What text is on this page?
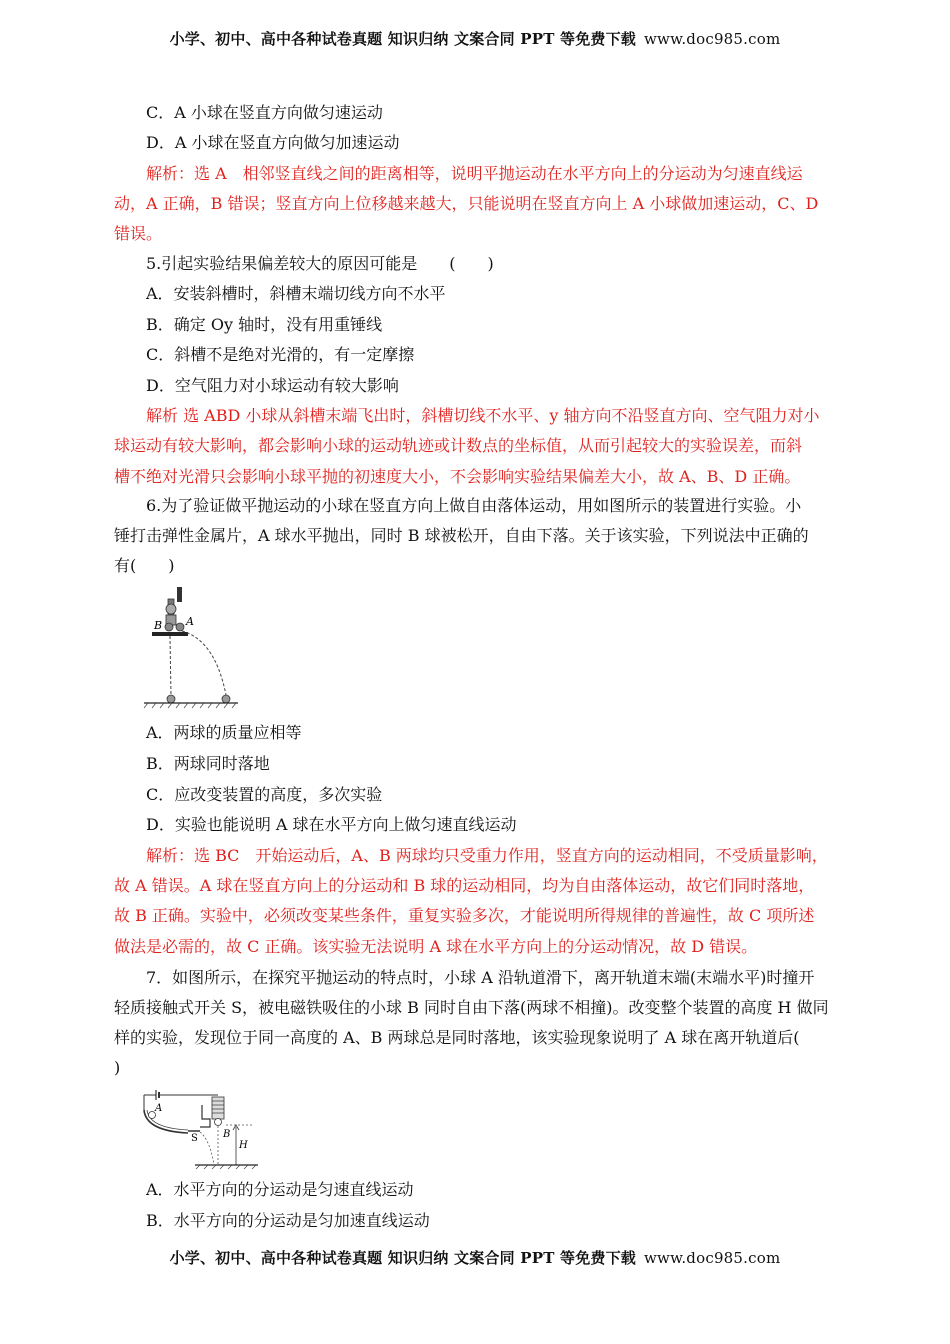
小学、初中、高中各种试卷真题 知识归纳 文案合同 PPT 等免费下载 www.doc985.com
C．A 小球在竖直方向做匀速运动
D．A 小球在竖直方向做匀加速运动
解析：选 A　相邻竖直线之间的距离相等，说明平抛运动在水平方向上的分运动为匀速直线运
动，A 正确，B 错误；竖直方向上位移越来越大，只能说明在竖直方向上 A 小球做加速运动，C、D
错误。
5.引起实验结果偏差较大的原因可能是　　(　　)
A．安装斜槽时，斜槽末端切线方向不水平
B．确定 Oy 轴时，没有用重锤线
C．斜槽不是绝对光滑的，有一定摩擦
D．空气阻力对小球运动有较大影响
解析 选 ABD 小球从斜槽末端飞出时，斜槽切线不水平、y 轴方向不沿竖直方向、空气阻力对小
球运动有较大影响，都会影响小球的运动轨迹或计数点的坐标值，从而引起较大的实验误差，而斜
槽不绝对光滑只会影响小球平抛的初速度大小，不会影响实验结果偏差大小，故 A、B、D 正确。
6.为了验证做平抛运动的小球在竖直方向上做自由落体运动，用如图所示的装置进行实验。小
锤打击弹性金属片，A 球水平抛出，同时 B 球被松开，自由下落。关于该实验，下列说法中正确的
有(　　)
B A
A．两球的质量应相等
B．两球同时落地
C．应改变装置的高度，多次实验
D．实验也能说明 A 球在水平方向上做匀速直线运动
解析：选 BC　开始运动后，A、B 两球均只受重力作用，竖直方向的运动相同，不受质量影响，
故 A 错误。A 球在竖直方向上的分运动和 B 球的运动相同，均为自由落体运动，故它们同时落地，
故 B 正确。实验中，必须改变某些条件，重复实验多次，才能说明所得规律的普遍性，故 C 项所述
做法是必需的，故 C 正确。该实验无法说明 A 球在水平方向上的分运动情况，故 D 错误。
7．如图所示，在探究平抛运动的特点时，小球 A 沿轨道滑下，离开轨道末端(末端水平)时撞开
轻质接触式开关 S，被电磁铁吸住的小球 B 同时自由下落(两球不相撞)。改变整个装置的高度 H 做同
样的实验，发现位于同一高度的 A、B 两球总是同时落地，该实验现象说明了 A 球在离开轨道后(
)
A
S	B
H
A．水平方向的分运动是匀速直线运动
B．水平方向的分运动是匀加速直线运动
小学、初中、高中各种试卷真题 知识归纳 文案合同 PPT 等免费下载 www.doc985.com
